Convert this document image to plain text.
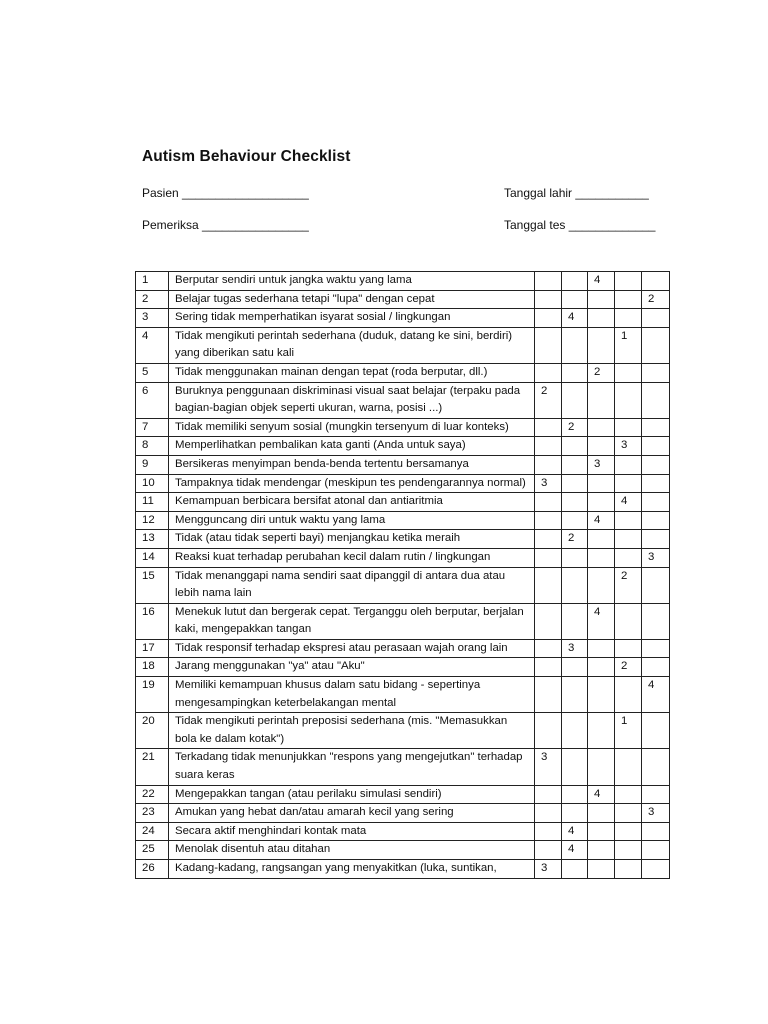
Autism Behaviour Checklist
Pasien ___________________	Tanggal lahir ___________
Pemeriksa ________________	Tanggal tes _____________
1	Berputar sendiri untuk jangka waktu yang lama			4		
2	Belajar tugas sederhana tetapi "lupa" dengan cepat					2
3	Sering tidak memperhatikan isyarat sosial / lingkungan		4			
4	Tidak mengikuti perintah sederhana (duduk, datang ke sini, berdiri) yang diberikan satu kali				1	
5	Tidak menggunakan mainan dengan tepat (roda berputar, dll.)			2		
6	Buruknya penggunaan diskriminasi visual saat belajar (terpaku pada bagian-bagian objek seperti ukuran, warna, posisi ...)	2				
7	Tidak memiliki senyum sosial (mungkin tersenyum di luar konteks)		2			
8	Memperlihatkan pembalikan kata ganti (Anda untuk saya)				3	
9	Bersikeras menyimpan benda-benda tertentu bersamanya			3		
10	Tampaknya tidak mendengar (meskipun tes pendengarannya normal)	3				
11	Kemampuan berbicara bersifat atonal dan antiaritmia				4	
12	Mengguncang diri untuk waktu yang lama			4		
13	Tidak (atau tidak seperti bayi) menjangkau ketika meraih		2			
14	Reaksi kuat terhadap perubahan kecil dalam rutin / lingkungan					3
15	Tidak menanggapi nama sendiri saat dipanggil di antara dua atau lebih nama lain				2	
16	Menekuk lutut dan bergerak cepat. Terganggu oleh berputar, berjalan kaki, mengepakkan tangan			4		
17	Tidak responsif terhadap ekspresi atau perasaan wajah orang lain		3			
18	Jarang menggunakan "ya" atau "Aku"				2	
19	Memiliki kemampuan khusus dalam satu bidang - sepertinya mengesampingkan keterbelakangan mental					4
20	Tidak mengikuti perintah preposisi sederhana (mis. "Memasukkan bola ke dalam kotak")				1	
21	Terkadang tidak menunjukkan "respons yang mengejutkan" terhadap suara keras	3				
22	Mengepakkan tangan (atau perilaku simulasi sendiri)			4		
23	Amukan yang hebat dan/atau amarah kecil yang sering					3
24	Secara aktif menghindari kontak mata		4			
25	Menolak disentuh atau ditahan		4			
26	Kadang-kadang, rangsangan yang menyakitkan (luka, suntikan,	3				
